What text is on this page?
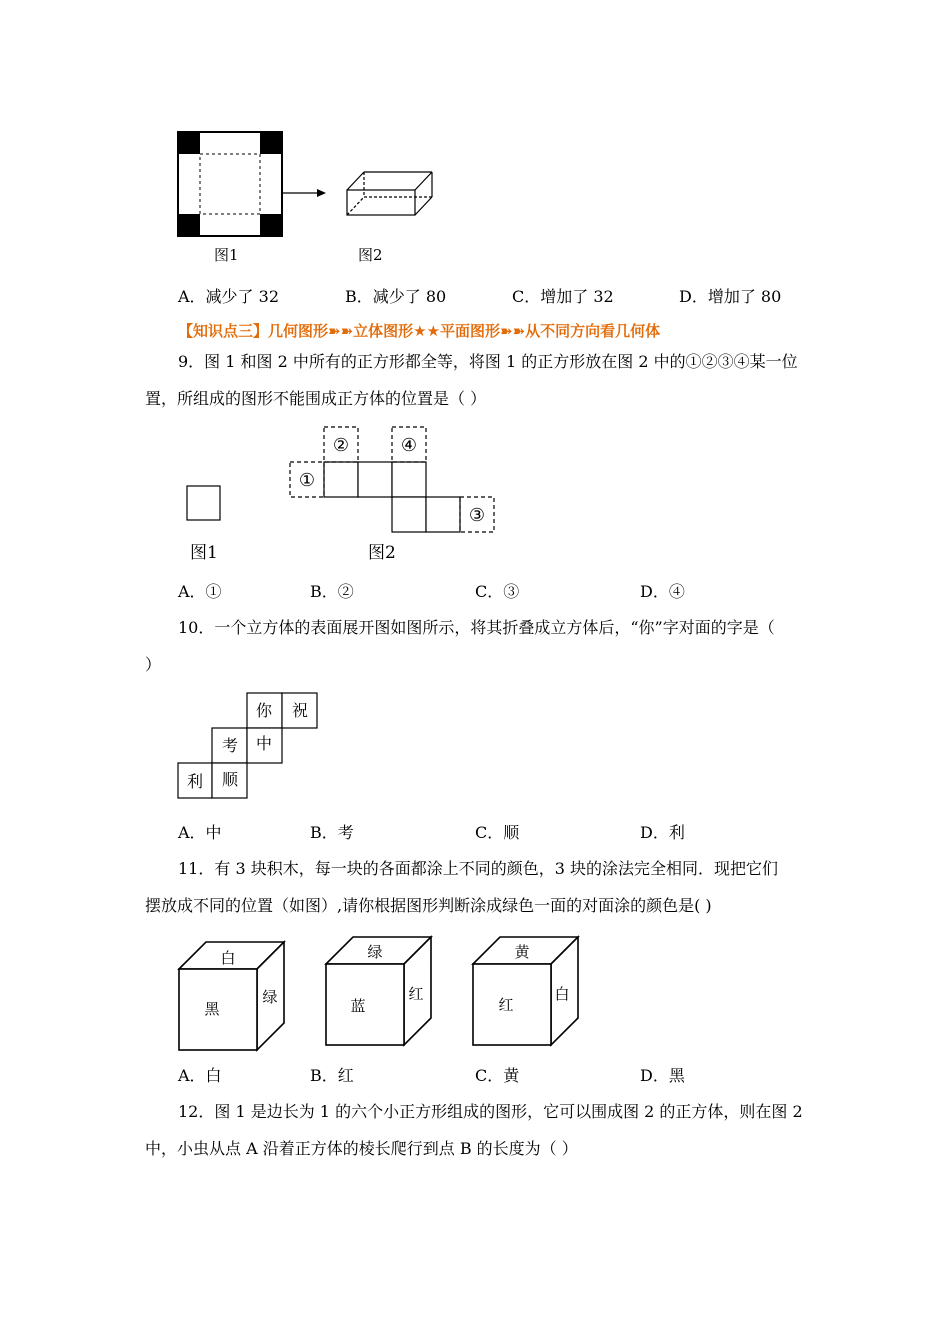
图1	图2
A．减少了 32	B．减少了 80	C．增加了 32	D．增加了 80
【知识点三】几何图形➽➽立体图形★★平面图形➽➽从不同方向看几何体
9．图 1 和图 2 中所有的正方形都全等，将图 1 的正方形放在图 2 中的①②③④某一位
置，所组成的图形不能围成正方体的位置是（ ）
①
②
③
④
图1	图2
A．①	B．②	C．③	D．④
10．一个立方体的表面展开图如图所示，将其折叠成立方体后，“你”字对面的字是（
）
你 祝
考 中
利 顺
A．中	B．考	C．顺	D．利
11．有 3 块积木，每一块的各面都涂上不同的颜色，3 块的涂法完全相同．现把它们
摆放成不同的位置（如图）,请你根据图形判断涂成绿色一面的对面涂的颜色是( )
白
黑
绿
绿
蓝
红
黄
红
白
A．白	B．红	C．黄	D．黑
12．图 1 是边长为 1 的六个小正方形组成的图形，它可以围成图 2 的正方体，则在图 2
中，小虫从点 A 沿着正方体的棱长爬行到点 B 的长度为（ ）
